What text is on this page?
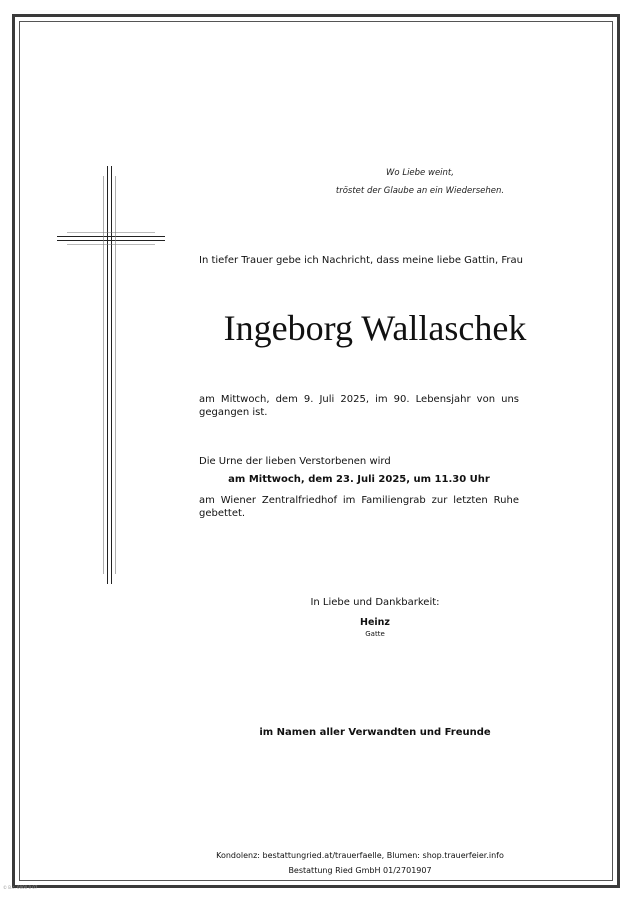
Wo Liebe weint,
tröstet der Glaube an ein Wiedersehen.
In tiefer Trauer gebe ich Nachricht, dass meine liebe Gattin, Frau
Ingeborg Wallaschek
am Mittwoch, dem 9. Juli 2025, im 90. Lebensjahr von uns
gegangen ist.
Die Urne der lieben Verstorbenen wird
am Mittwoch, dem 23. Juli 2025, um 11.30 Uhr
am Wiener Zentralfriedhof im Familiengrab zur letzten Ruhe
gebettet.
In Liebe und Dankbarkeit:
Heinz
Gatte
im Namen aller Verwandten und Freunde
Kondolenz: bestattungried.at/trauerfaelle, Blumen: shop.trauerfeier.info
Bestattung Ried GmbH 01/2701907
© B.c. 0000 0 07
